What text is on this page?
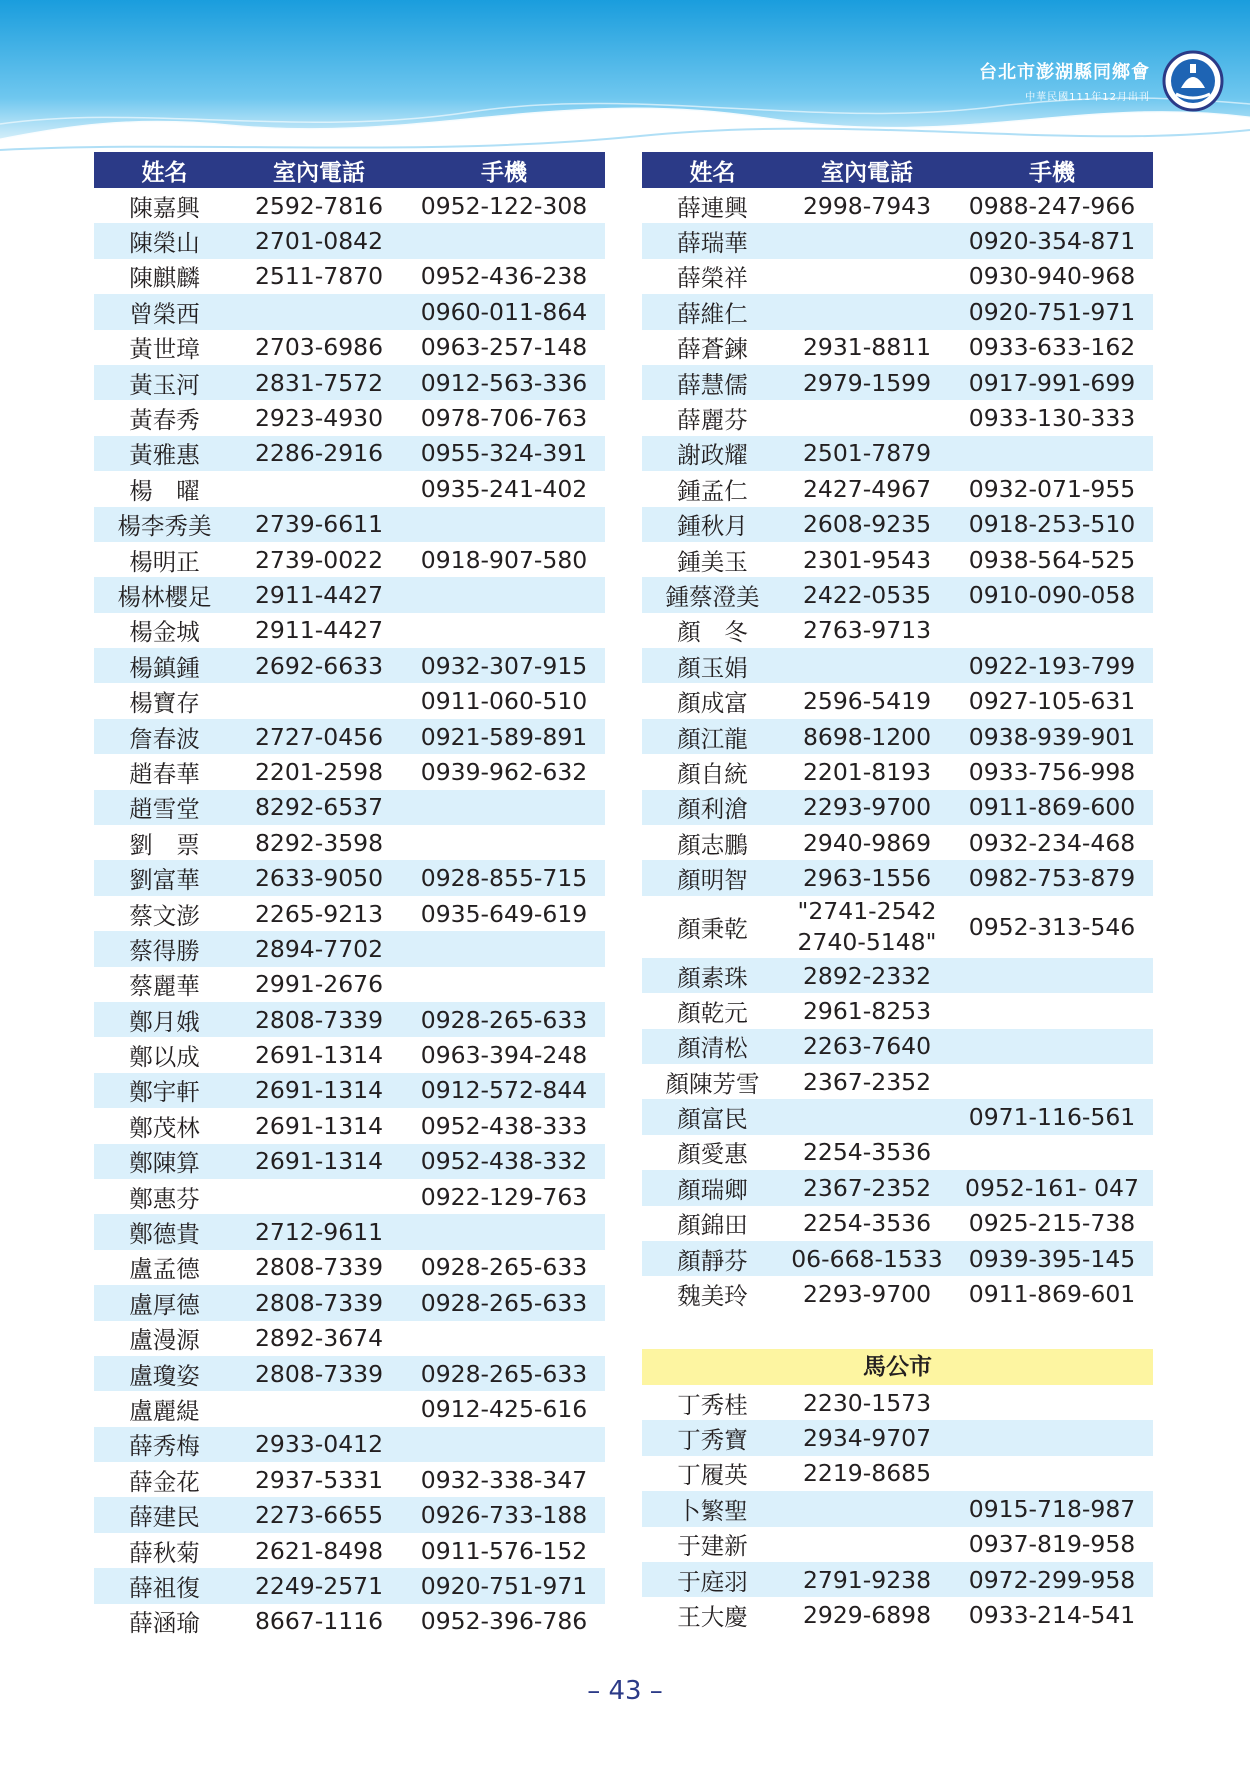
台北市澎湖縣同鄉會
中華民國111年12月出刊
姓名	室內電話	手機
陳嘉興	2592-7816	0952-122-308
陳榮山	2701-0842	
陳麒麟	2511-7870	0952-436-238
曾榮西		0960-011-864
黃世璋	2703-6986	0963-257-148
黃玉河	2831-7572	0912-563-336
黃春秀	2923-4930	0978-706-763
黃雅惠	2286-2916	0955-324-391
楊　曜		0935-241-402
楊李秀美	2739-6611	
楊明正	2739-0022	0918-907-580
楊林櫻足	2911-4427	
楊金城	2911-4427	
楊鎮鍾	2692-6633	0932-307-915
楊寶存		0911-060-510
詹春波	2727-0456	0921-589-891
趙春華	2201-2598	0939-962-632
趙雪堂	8292-6537	
劉　票	8292-3598	
劉富華	2633-9050	0928-855-715
蔡文澎	2265-9213	0935-649-619
蔡得勝	2894-7702	
蔡麗華	2991-2676	
鄭月娥	2808-7339	0928-265-633
鄭以成	2691-1314	0963-394-248
鄭宇軒	2691-1314	0912-572-844
鄭茂林	2691-1314	0952-438-333
鄭陳算	2691-1314	0952-438-332
鄭惠芬		0922-129-763
鄭德貴	2712-9611	
盧孟德	2808-7339	0928-265-633
盧厚德	2808-7339	0928-265-633
盧漫源	2892-3674	
盧瓊姿	2808-7339	0928-265-633
盧麗緹		0912-425-616
薛秀梅	2933-0412	
薛金花	2937-5331	0932-338-347
薛建民	2273-6655	0926-733-188
薛秋菊	2621-8498	0911-576-152
薛祖復	2249-2571	0920-751-971
薛涵瑜	8667-1116	0952-396-786
姓名	室內電話	手機
薛連興	2998-7943	0988-247-966
薛瑞華		0920-354-871
薛榮祥		0930-940-968
薛維仁		0920-751-971
薛蒼鍊	2931-8811	0933-633-162
薛慧儒	2979-1599	0917-991-699
薛麗芬		0933-130-333
謝政耀	2501-7879	
鍾孟仁	2427-4967	0932-071-955
鍾秋月	2608-9235	0918-253-510
鍾美玉	2301-9543	0938-564-525
鍾蔡澄美	2422-0535	0910-090-058
顏　冬	2763-9713	
顏玉娟		0922-193-799
顏成富	2596-5419	0927-105-631
顏江龍	8698-1200	0938-939-901
顏自統	2201-8193	0933-756-998
顏利滄	2293-9700	0911-869-600
顏志鵬	2940-9869	0932-234-468
顏明智	2963-1556	0982-753-879
顏秉乾	"2741-2542
2740-5148"	0952-313-546
顏素珠	2892-2332	
顏乾元	2961-8253	
顏清松	2263-7640	
顏陳芳雪	2367-2352	
顏富民		0971-116-561
顏愛惠	2254-3536	
顏瑞卿	2367-2352	0952-161- 047
顏錦田	2254-3536	0925-215-738
顏靜芬	06-668-1533	0939-395-145
魏美玲	2293-9700	0911-869-601
馬公市
丁秀桂	2230-1573	
丁秀寶	2934-9707	
丁履英	2219-8685	
卜繁聖		0915-718-987
于建新		0937-819-958
于庭羽	2791-9238	0972-299-958
王大慶	2929-6898	0933-214-541
– 43 –
